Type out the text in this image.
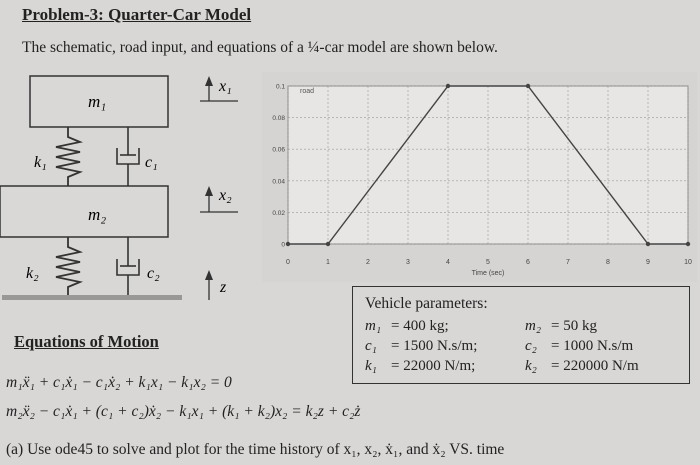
Problem-3: Quarter-Car Model
The schematic, road input, and equations of a ¼-car model are shown below.
m₁
k₁	c₁
x₁
m₂
x₂
k₂	c₂
z
0	1	2	3	4	5	6	7	8	9	10
0
0.02
0.04
0.06
0.08
0.1
road
Time (sec)
Vehicle parameters:
m₁ = 400 kg;	m₂ = 50 kg
c₁ = 1500 N.s/m;	c₂ = 1000 N.s/m
k₁ = 22000 N/m;	k₂ = 220000 N/m
Equations of Motion
m₁ẍ₁ + c₁ẋ₁ − c₁ẋ₂ + k₁x₁ − k₁x₂ = 0
m₂ẍ₂ − c₁ẋ₁ + (c₁ + c₂)ẋ₂ − k₁x₁ + (k₁ + k₂)x₂ = k₂z + c₂ż
(a) Use ode45 to solve and plot for the time history of x₁, x₂, ẋ₁, and ẋ₂ VS. time
